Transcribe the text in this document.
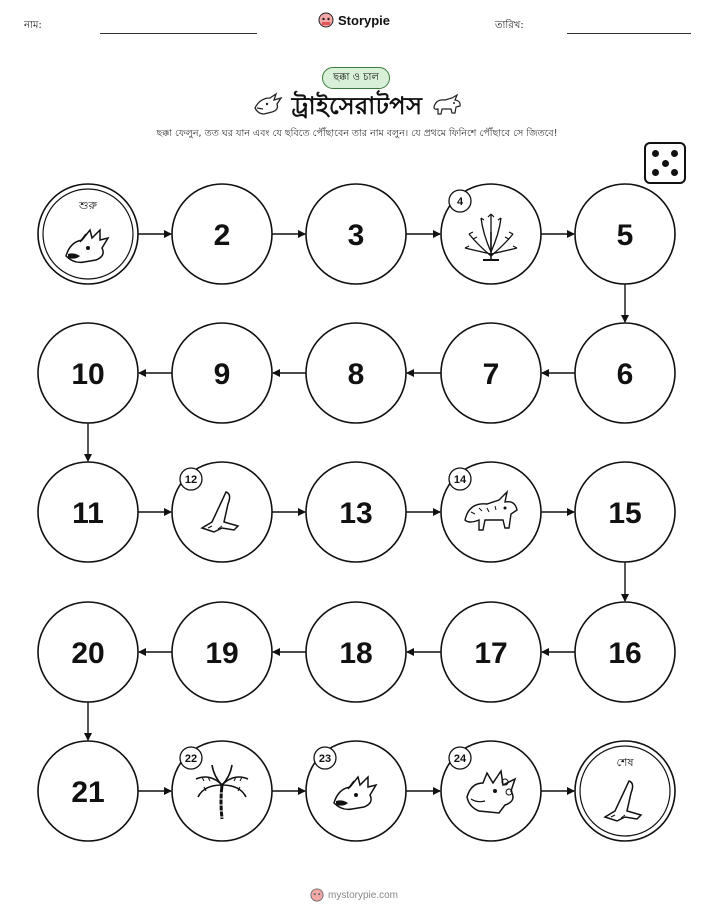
নাম:	Storypie	তারিখ:
ছক্কা ও চাল
ট্রাইসেরাটপস
ছক্কা ফেলুন, তত ঘর যান এবং যে ছবিতে পৌঁছাবেন তার নাম বলুন। যে প্রথমে ফিনিশে পৌঁছাবে সে জিতবে!
শুরু
2	3
4
5
6
7
8
9
10
11
12
13
14
15
16
17
18
19
20
21
22	23	24	শেষ
mystorypie.com
